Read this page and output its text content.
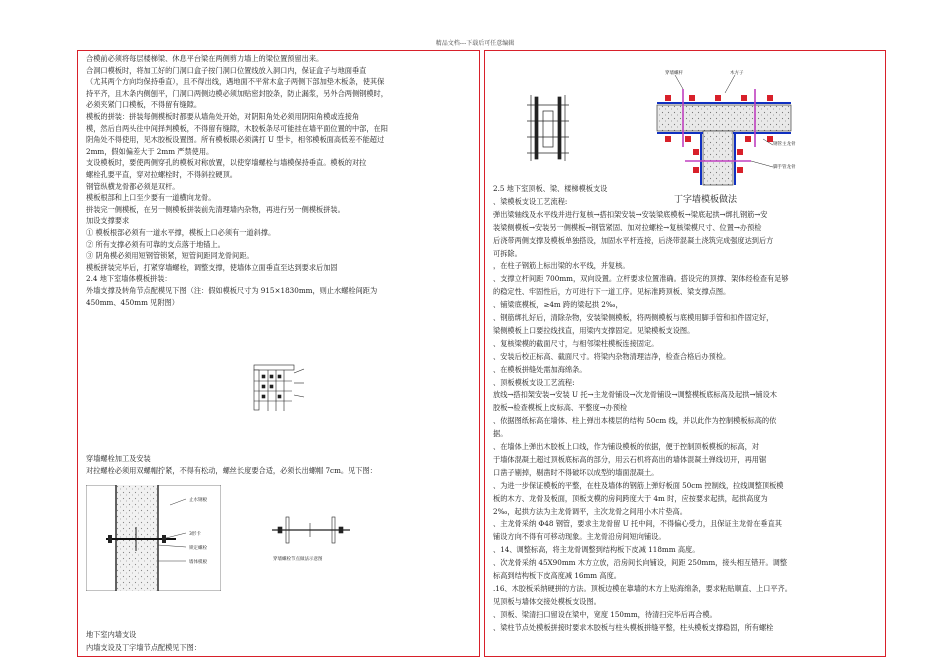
精品文档---下载后可任意编辑
合模前必须将每层楼梯梁、休息平台梁在两侧剪力墙上的梁位置预留出来。
合洞口模板时，将加工好的门洞口盒子按门洞口位置线放入洞口内，保证盒子与地面垂直
（尤其两个方向均保持垂直），且不得出线，遇地面不平常木盒子两侧下部加垫木板条，使其保
持平齐，且木条内侧刨平，门洞口两侧边模必须加贴密封胶条，防止漏浆，另外合两侧钢模时，
必须夹紧门口模板，不得留有缝隙。
模板的拼装：拼装每侧模板时都要从墙角处开始，对阴阳角处必须用阴阳角模或连接角
模，然后自两头往中间择判模板，不得留有缝隙，木胶板条尽可能挂在墙平面位置的中部，在阳
阴角处不得使用，见木胶板设置图。所有模板眼必须满打 U 型卡，相邻模板面高低差不能超过
2mm，假如偏差大于 2mm 严禁使用。
支设模板时，要使两侧穿孔的模板对称放置，以使穿墙螺栓与墙模保持垂直。模板的对拉
螺栓孔要平直，穿对拉螺栓时，不得斜拉硬顶。
钢管纵横龙骨都必须是双杆。
模板根部和上口至少要有一道横向龙骨。
拼装完一侧模板，在另一侧模板拼装前先清理墙内杂物，再进行另一侧模板拼装。
加设支撑要求
① 模板根部必须有一道水平撑，模板上口必须有一道斜撑。
② 所有支撑必须有可靠的支点落于地锚上。
③ 阴角模必须用短钢管锁紧，短管间距同龙骨间距。
模板拼装完毕后，打紧穿墙螺栓，调整支撑，使墙体立面垂直至达到要求后加固
2.4 地下室墙体模板拼装：
外墙支撑及转角节点配模见下图（注：假如模板尺寸为 915×1830mm，则止水螺栓间距为
450mm、450mm 见附图）
穿墙螺栓加工及安装
对拉螺栓必须用双螺帽拧紧，不得有松动，螺丝长度要合适，必须长出螺帽 7cm。见下图：
止水钢板
3形卡
锁定螺栓
墙体模板
穿墙螺栓节点做法示意图
地下室内墙支设
内墙支设及丁字墙节点配模见下图：
穿墙螺杆	木方子
钢管主龙骨
脚手管龙骨
丁字墙模板做法
2.5 地下室顶板、梁、楼梯模板支设
、梁模板支设工艺流程:
弹出梁轴线及水平线并进行复核→搭扣架安装→安装梁底模板→梁底起拱→绑扎钢筋→安
装梁侧模板→安装另一侧模板→钢管紧固、加对拉螺栓→复核梁模尺寸、位置→办预检
后浇带两侧支撑及模板单独搭设，加固水平杆连接，后浇带混凝土浇筑完成强度达到后方
可拆除。
，在柱子钢筋上标出梁的水平线，并复核。
、支撑立杆间距 700mm，双向设置。立杆要求位置准确。搭设完的顶撑、架体经检查有足够
的稳定性、牢固性后，方可进行下一道工序。见标准跨顶板、梁支撑点图。
、铺梁底模板，≥4m 跨的梁起拱 2‰，
、钢筋绑扎好后，清除杂物，安装梁侧模板，将两侧模板与底模用脚手管和扣件固定好，
梁侧模板上口要拉线找直，用梁内支撑固定。见梁模板支设图。
、复核梁模的截面尺寸，与相邻梁柱模板连接固定。
、安装后校正标高、截面尺寸。将梁内杂物清理洁净，检查合格后办预检。
、在模板拼缝处需加海绵条。
、顶板模板支设工艺流程:
放线→搭扣架安装→安装 U 托→主龙骨铺设→次龙骨铺设→调整模板底标高及起拱→铺设木
胶板→检查模板上皮标高、平整度→办预检
、依据图纸标高在墙体、柱上弹出本楼层的结构 50cm 线，并以此作为控制模板标高的依
据。
、在墙体上弹出木胶板上口线，作为铺设模板的依据，便于控制顶板模板的标高，对
于墙体混凝土超过顶板底标高的部分，用云石机将高出的墙体混凝土弹线切开，再用锯
口凿子剔掉，剔凿时不得破坏以成型的墙面混凝土。
、为进一步保证模板的平整，在柱及墙体的钢筋上弹好板面 50cm 控制线，拉线调整顶板模
板的木方、龙骨及板面，顶板支模的房间跨度大于 4m 时，应按要求起拱，起拱高度为
2‰，起拱方法为主龙骨调平，主次龙骨之间用小木片垫高。
、主龙骨采纳 Φ48 钢管，要求主龙骨留 U 托中间，不得偏心受力，且保证主龙骨在垂直其
铺设方向不得有可移动现象。主龙骨沿房间短向铺设。
、14、调整标高，将主龙骨调整到结构板下皮减 118mm 高度。
、次龙骨采纳 45X90mm 木方立放，沿房间长向铺设，间距 250mm，接头相互错开。调整
标高到结构板下皮高度减 16mm 高度。
.16、木胶板采纳硬拼的方法。顶板边模在靠墙的木方上贴海绵条，要求粘贴顺直、上口平齐。
见顶板与墙体交接处模板支设图。
、顶板、梁清扫口留设在梁中，宽度 150mm，待清扫完毕后再合模。
、梁柱节点处模板拼接时要求木胶板与柱头模板拼缝平整，柱头模板支撑稳固，所有螺栓
